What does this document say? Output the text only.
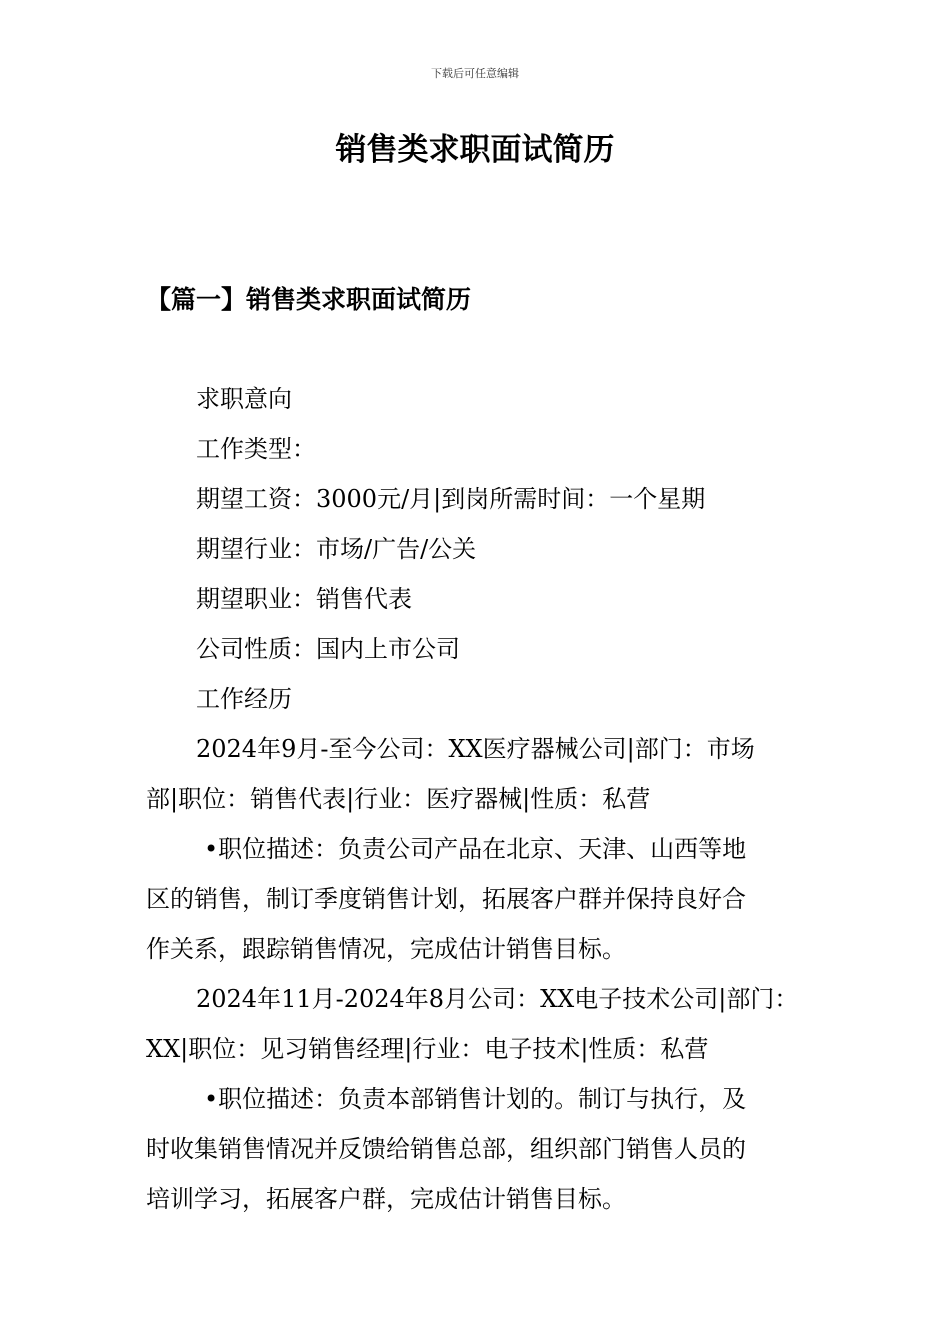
下载后可任意编辑
销售类求职面试简历
【篇一】销售类求职面试简历
求职意向
工作类型：
期望工资：3000元/月|到岗所需时间：一个星期
期望行业：市场/广告/公关
期望职业：销售代表
公司性质：国内上市公司
工作经历
2024年9月-至今公司：XX医疗器械公司|部门：市场
部|职位：销售代表|行业：医疗器械|性质：私营
•职位描述：负责公司产品在北京、天津、山西等地
区的销售，制订季度销售计划，拓展客户群并保持良好合
作关系，跟踪销售情况，完成估计销售目标。
2024年11月-2024年8月公司：XX电子技术公司|部门：
XX|职位：见习销售经理|行业：电子技术|性质：私营
•职位描述：负责本部销售计划的。制订与执行，及
时收集销售情况并反馈给销售总部，组织部门销售人员的
培训学习，拓展客户群，完成估计销售目标。
